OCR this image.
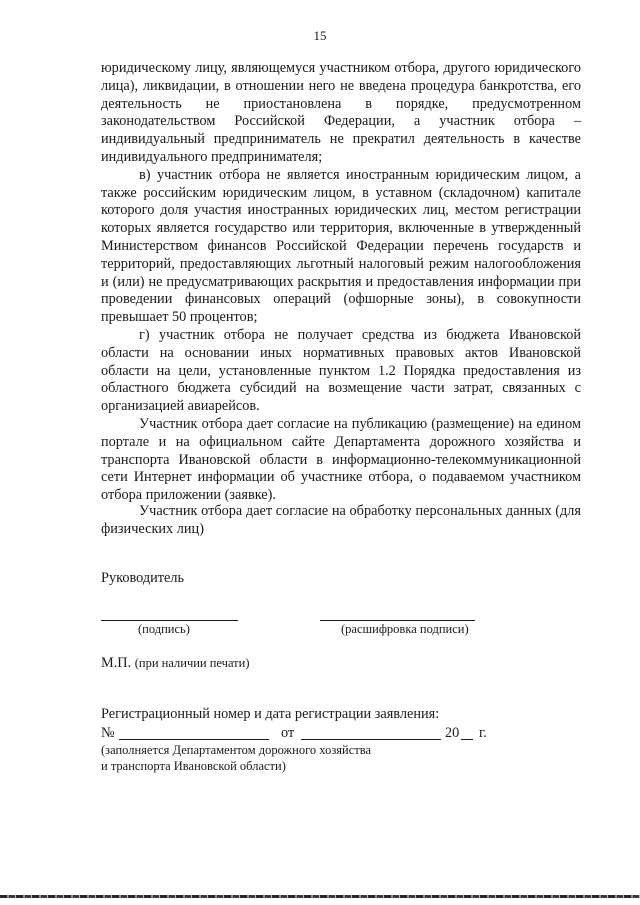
15

юридическому лицу, являющемуся участником отбора, другого юридического лица), ликвидации, в отношении него не введена процедура банкротства, его деятельность не приостановлена в порядке, предусмотренном законодательством Российской Федерации, а участник отбора – индивидуальный предприниматель не прекратил деятельность в качестве индивидуального предпринимателя;

в) участник отбора не является иностранным юридическим лицом, а также российским юридическим лицом, в уставном (складочном) капитале которого доля участия иностранных юридических лиц, местом регистрации которых является государство или территория, включенные в утвержденный Министерством финансов Российской Федерации перечень государств и территорий, предоставляющих льготный налоговый режим налогообложения и (или) не предусматривающих раскрытия и предоставления информации при проведении финансовых операций (офшорные зоны), в совокупности превышает 50 процентов;

г) участник отбора не получает средства из бюджета Ивановской области на основании иных нормативных правовых актов Ивановской области на цели, установленные пунктом 1.2 Порядка предоставления из областного бюджета субсидий на возмещение части затрат, связанных с организацией авиарейсов.

Участник отбора дает согласие на публикацию (размещение) на едином портале и на официальном сайте Департамента дорожного хозяйства и транспорта Ивановской области в информационно-телекоммуникационной сети Интернет информации об участнике отбора, о подаваемом участником отбора приложении (заявке).

Участник отбора дает согласие на обработку персональных данных (для физических лиц)

Руководитель
(подпись)	(расшифровка подписи)
М.П. (при наличии печати)
Регистрационный номер и дата регистрации заявления:
№	от	20 г.
(заполняется Департаментом дорожного хозяйства
и транспорта Ивановской области)
